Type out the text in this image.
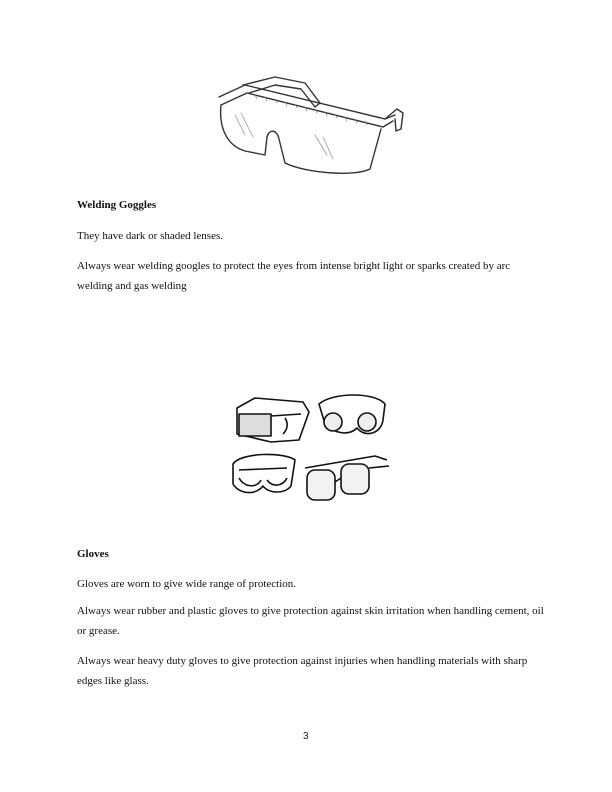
Welding Goggles
They have dark or shaded lenses.
Always wear welding googles to protect the eyes from intense bright light or sparks created by arc welding and gas welding
Gloves
Gloves are worn to give wide range of protection.
Always wear rubber and plastic gloves to give protection against skin irritation when handling cement, oil or grease.
Always wear heavy duty gloves to give protection against injuries when handling materials with sharp edges like glass.
3
